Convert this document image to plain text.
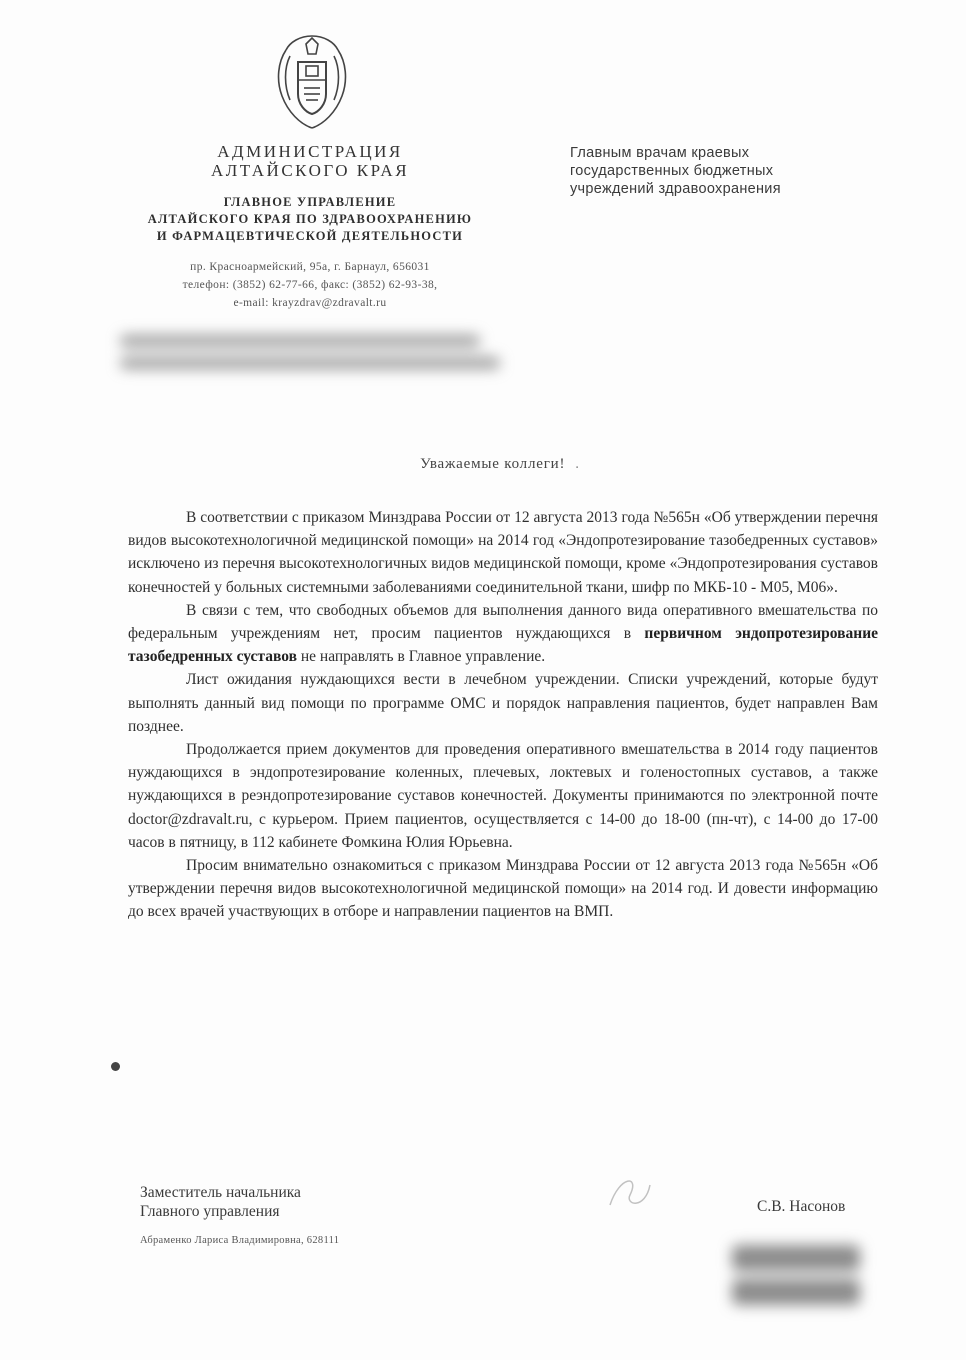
АДМИНИСТРАЦИЯ
АЛТАЙСКОГО КРАЯ
ГЛАВНОЕ УПРАВЛЕНИЕ
АЛТАЙСКОГО КРАЯ ПО ЗДРАВООХРАНЕНИЮ
И ФАРМАЦЕВТИЧЕСКОЙ ДЕЯТЕЛЬНОСТИ
пр. Красноармейский, 95а, г. Барнаул, 656031
телефон: (3852) 62-77-66, факс: (3852) 62-93-38,
e-mail: krayzdrav@zdravalt.ru
Главным врачам краевых
государственных бюджетных
учреждений здравоохранения
Уважаемые коллеги! .

В соответствии с приказом Минздрава России от 12 августа 2013 года №565н «Об утверждении перечня видов высокотехнологичной медицинской помощи» на 2014 год «Эндопротезирование тазобедренных суставов» исключено из перечня высокотехнологичных видов медицинской помощи, кроме «Эндопротезирования суставов конечностей у больных системными заболеваниями соединительной ткани, шифр по МКБ-10 - М05, М06».

В связи с тем, что свободных объемов для выполнения данного вида оперативного вмешательства по федеральным учреждениям нет, просим пациентов нуждающихся в первичном эндопротезирование тазобедренных суставов не направлять в Главное управление.

Лист ожидания нуждающихся вести в лечебном учреждении. Списки учреждений, которые будут выполнять данный вид помощи по программе ОМС и порядок направления пациентов, будет направлен Вам позднее.

Продолжается прием документов для проведения оперативного вмешательства в 2014 году пациентов нуждающихся в эндопротезирование коленных, плечевых, локтевых и голеностопных суставов, а также нуждающихся в реэндопротезирование суставов конечностей. Документы принимаются по электронной почте doctor@zdravalt.ru, с курьером. Прием пациентов, осуществляется с 14-00 до 18-00 (пн-чт), с 14-00 до 17-00 часов в пятницу, в 112 кабинете Фомкина Юлия Юрьевна.

Просим внимательно ознакомиться с приказом Минздрава России от 12 августа 2013 года №565н «Об утверждении перечня видов высокотехнологичной медицинской помощи» на 2014 год. И довести информацию до всех врачей участвующих в отборе и направлении пациентов на ВМП.

Заместитель начальника
Главного управления
Абраменко Лариса Владимировна, 628111
С.В. Насонов
